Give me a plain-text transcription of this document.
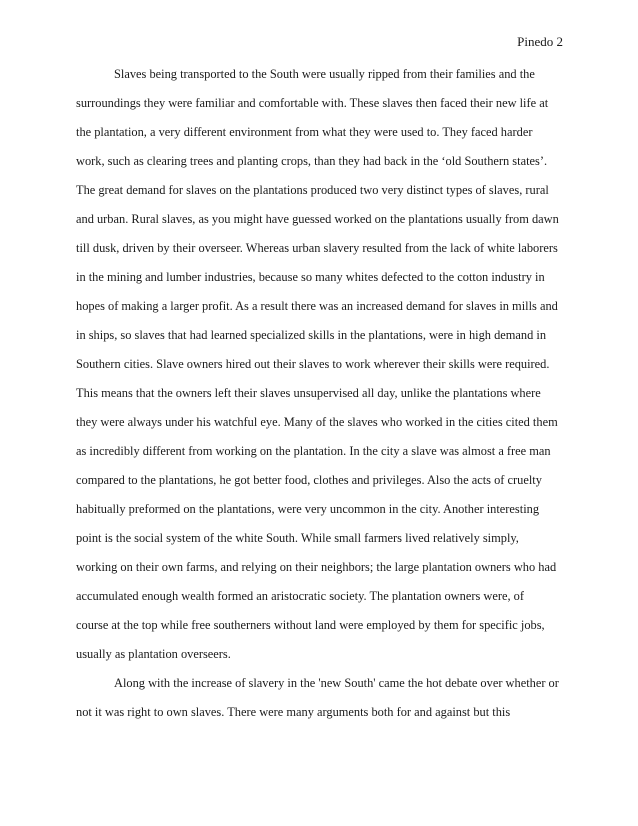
Pinedo 2
Slaves being transported to the South were usually ripped from their families and the
surroundings they were familiar and comfortable with. These slaves then faced their new life at
the plantation, a very different environment from what they were used to. They faced harder
work, such as clearing trees and planting crops, than they had back in the ‘old Southern states’.
The great demand for slaves on the plantations produced two very distinct types of slaves, rural
and urban. Rural slaves, as you might have guessed worked on the plantations usually from dawn
till dusk, driven by their overseer. Whereas urban slavery resulted from the lack of white laborers
in the mining and lumber industries, because so many whites defected to the cotton industry in
hopes of making a larger profit. As a result there was an increased demand for slaves in mills and
in ships, so slaves that had learned specialized skills in the plantations, were in high demand in
Southern cities. Slave owners hired out their slaves to work wherever their skills were required.
This means that the owners left their slaves unsupervised all day, unlike the plantations where
they were always under his watchful eye. Many of the slaves who worked in the cities cited them
as incredibly different from working on the plantation. In the city a slave was almost a free man
compared to the plantations, he got better food, clothes and privileges. Also the acts of cruelty
habitually preformed on the plantations, were very uncommon in the city. Another interesting
point is the social system of the white South. While small farmers lived relatively simply,
working on their own farms, and relying on their neighbors; the large plantation owners who had
accumulated enough wealth formed an aristocratic society. The plantation owners were, of
course at the top while free southerners without land were employed by them for specific jobs,
usually as plantation overseers.
Along with the increase of slavery in the 'new South' came the hot debate over whether or
not it was right to own slaves. There were many arguments both for and against but this
